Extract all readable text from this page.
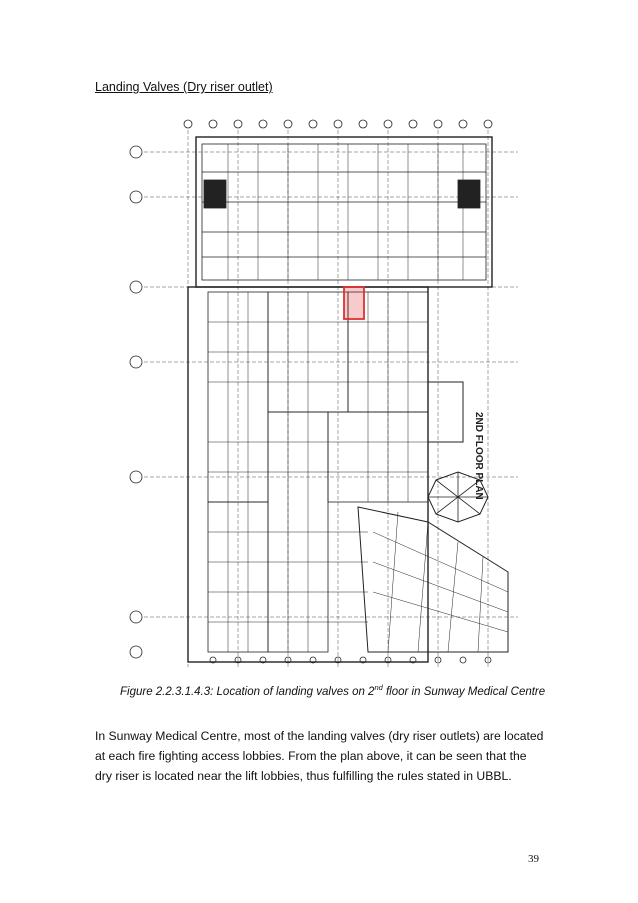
Landing Valves (Dry riser outlet)
2ND FLOOR PLAN
Figure 2.2.3.1.4.3: Location of landing valves on 2nd floor in Sunway Medical Centre
In Sunway Medical Centre, most of the landing valves (dry riser outlets) are located at each fire fighting access lobbies. From the plan above, it can be seen that the dry riser is located near the lift lobbies, thus fulfilling the rules stated in UBBL.
39
